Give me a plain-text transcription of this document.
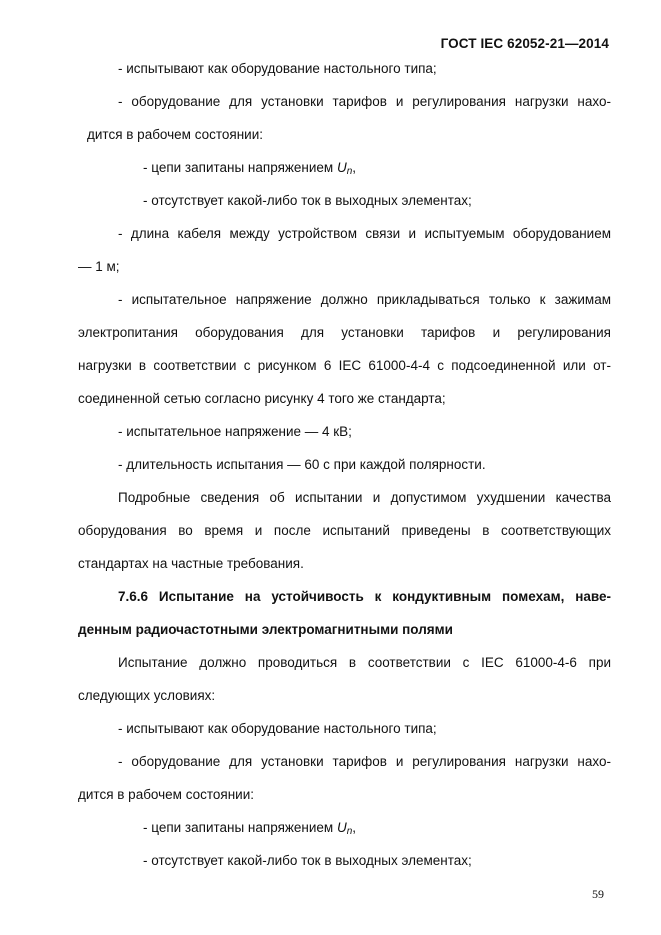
ГОСТ IEC 62052-21—2014
- испытывают как оборудование настольного типа;
- оборудование для установки тарифов и регулирования нагрузки нахо-
дится в рабочем состоянии:
- цепи запитаны напряжением $U_n$,
- отсутствует какой-либо ток в выходных элементах;
- длина кабеля между устройством связи и испытуемым оборудованием
— 1 м;
- испытательное напряжение должно прикладываться только к зажимам
электропитания оборудования для установки тарифов и регулирования
нагрузки в соответствии с рисунком 6 IEC 61000-4-4 с подсоединенной или от-
соединенной сетью согласно рисунку 4 того же стандарта;
- испытательное напряжение — 4 кВ;
- длительность испытания — 60 с при каждой полярности.
Подробные сведения об испытании и допустимом ухудшении качества
оборудования во время и после испытаний приведены в соответствующих
стандартах на частные требования.
7.6.6 Испытание на устойчивость к кондуктивным помехам, наве-
денным радиочастотными электромагнитными полями
Испытание должно проводиться в соответствии с IEC 61000-4-6 при
следующих условиях:
- испытывают как оборудование настольного типа;
- оборудование для установки тарифов и регулирования нагрузки нахо-
дится в рабочем состоянии:
- цепи запитаны напряжением $U_n$,
- отсутствует какой-либо ток в выходных элементах;
59
